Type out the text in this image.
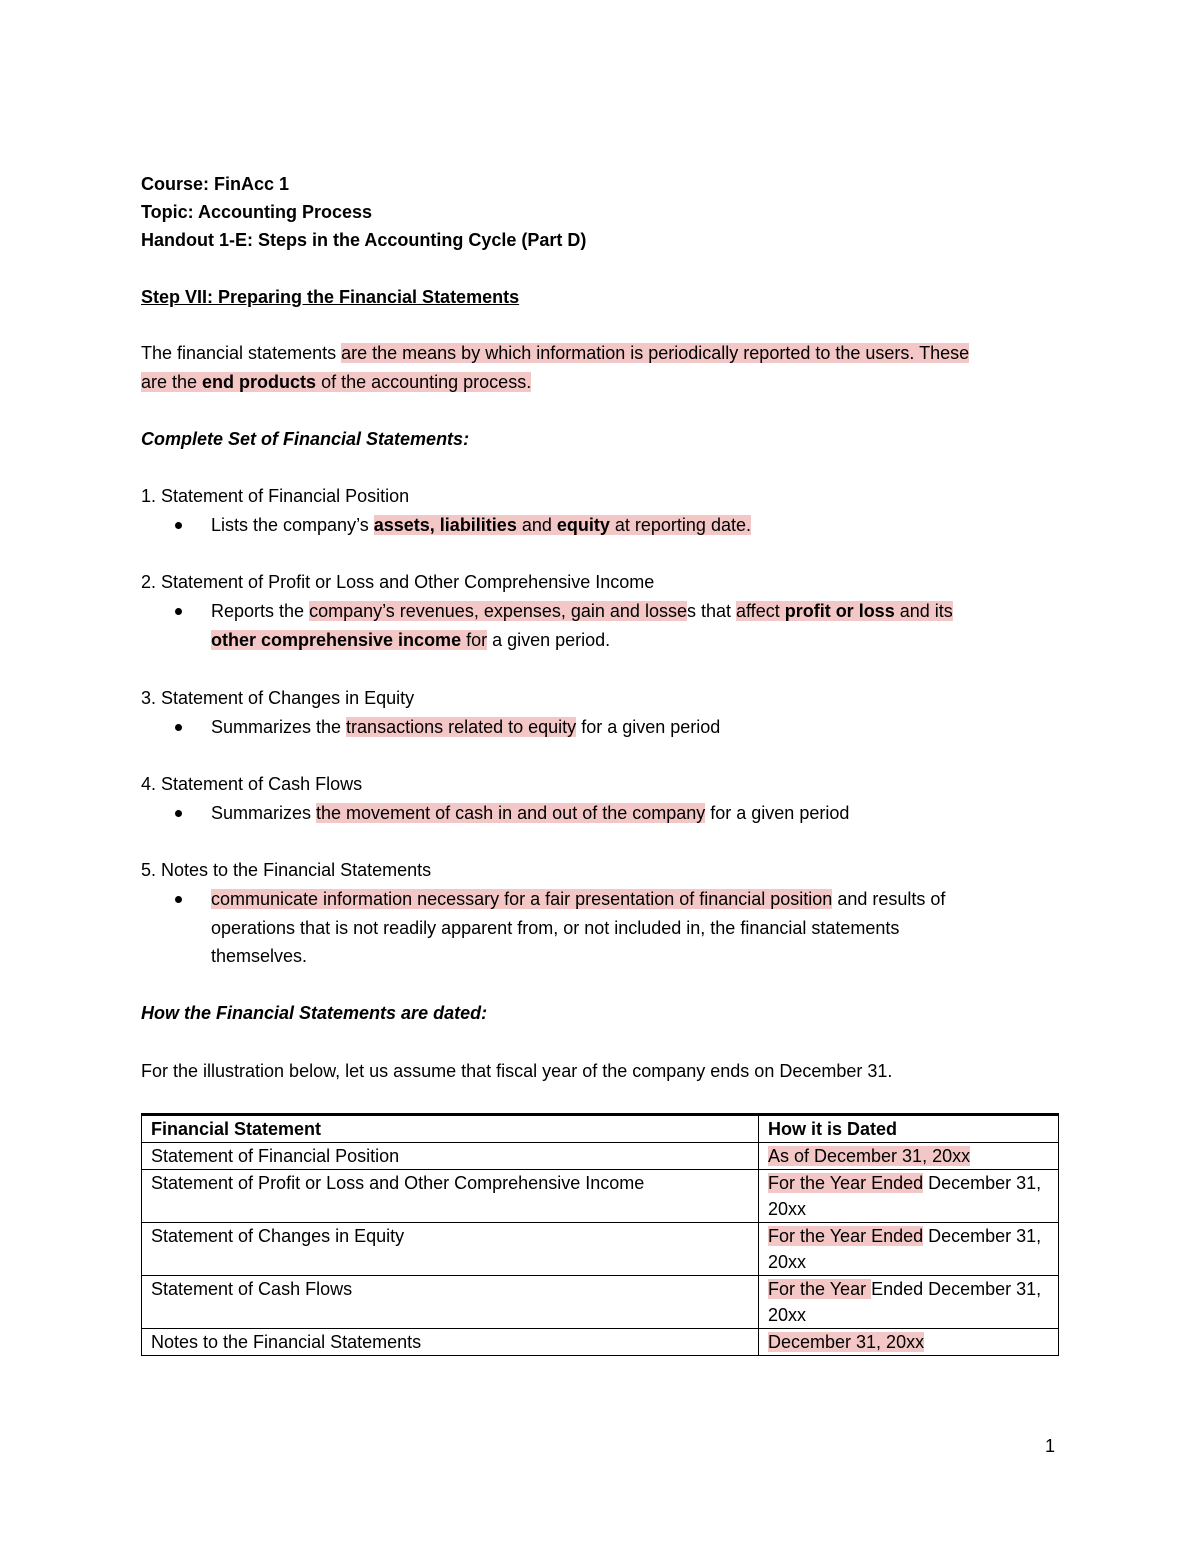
Course: FinAcc 1
Topic: Accounting Process
Handout 1-E: Steps in the Accounting Cycle (Part D)
Step VII: Preparing the Financial Statements
The financial statements are the means by which information is periodically reported to the users. These
are the end products of the accounting process.
Complete Set of Financial Statements:
1. Statement of Financial Position
Lists the company’s assets, liabilities and equity at reporting date.
2. Statement of Profit or Loss and Other Comprehensive Income
Reports the company’s revenues, expenses, gain and losses that affect profit or loss and its
other comprehensive income for a given period.
3. Statement of Changes in Equity
Summarizes the transactions related to equity for a given period
4. Statement of Cash Flows
Summarizes the movement of cash in and out of the company for a given period
5. Notes to the Financial Statements
communicate information necessary for a fair presentation of financial position and results of
operations that is not readily apparent from, or not included in, the financial statements
themselves.
How the Financial Statements are dated:
For the illustration below, let us assume that fiscal year of the company ends on December 31.
Financial Statement	How it is Dated
Statement of Financial Position	As of December 31, 20xx
Statement of Profit or Loss and Other Comprehensive Income	For the Year Ended December 31, 20xx
Statement of Changes in Equity	For the Year Ended December 31, 20xx
Statement of Cash Flows	For the Year Ended December 31, 20xx
Notes to the Financial Statements	December 31, 20xx
1
